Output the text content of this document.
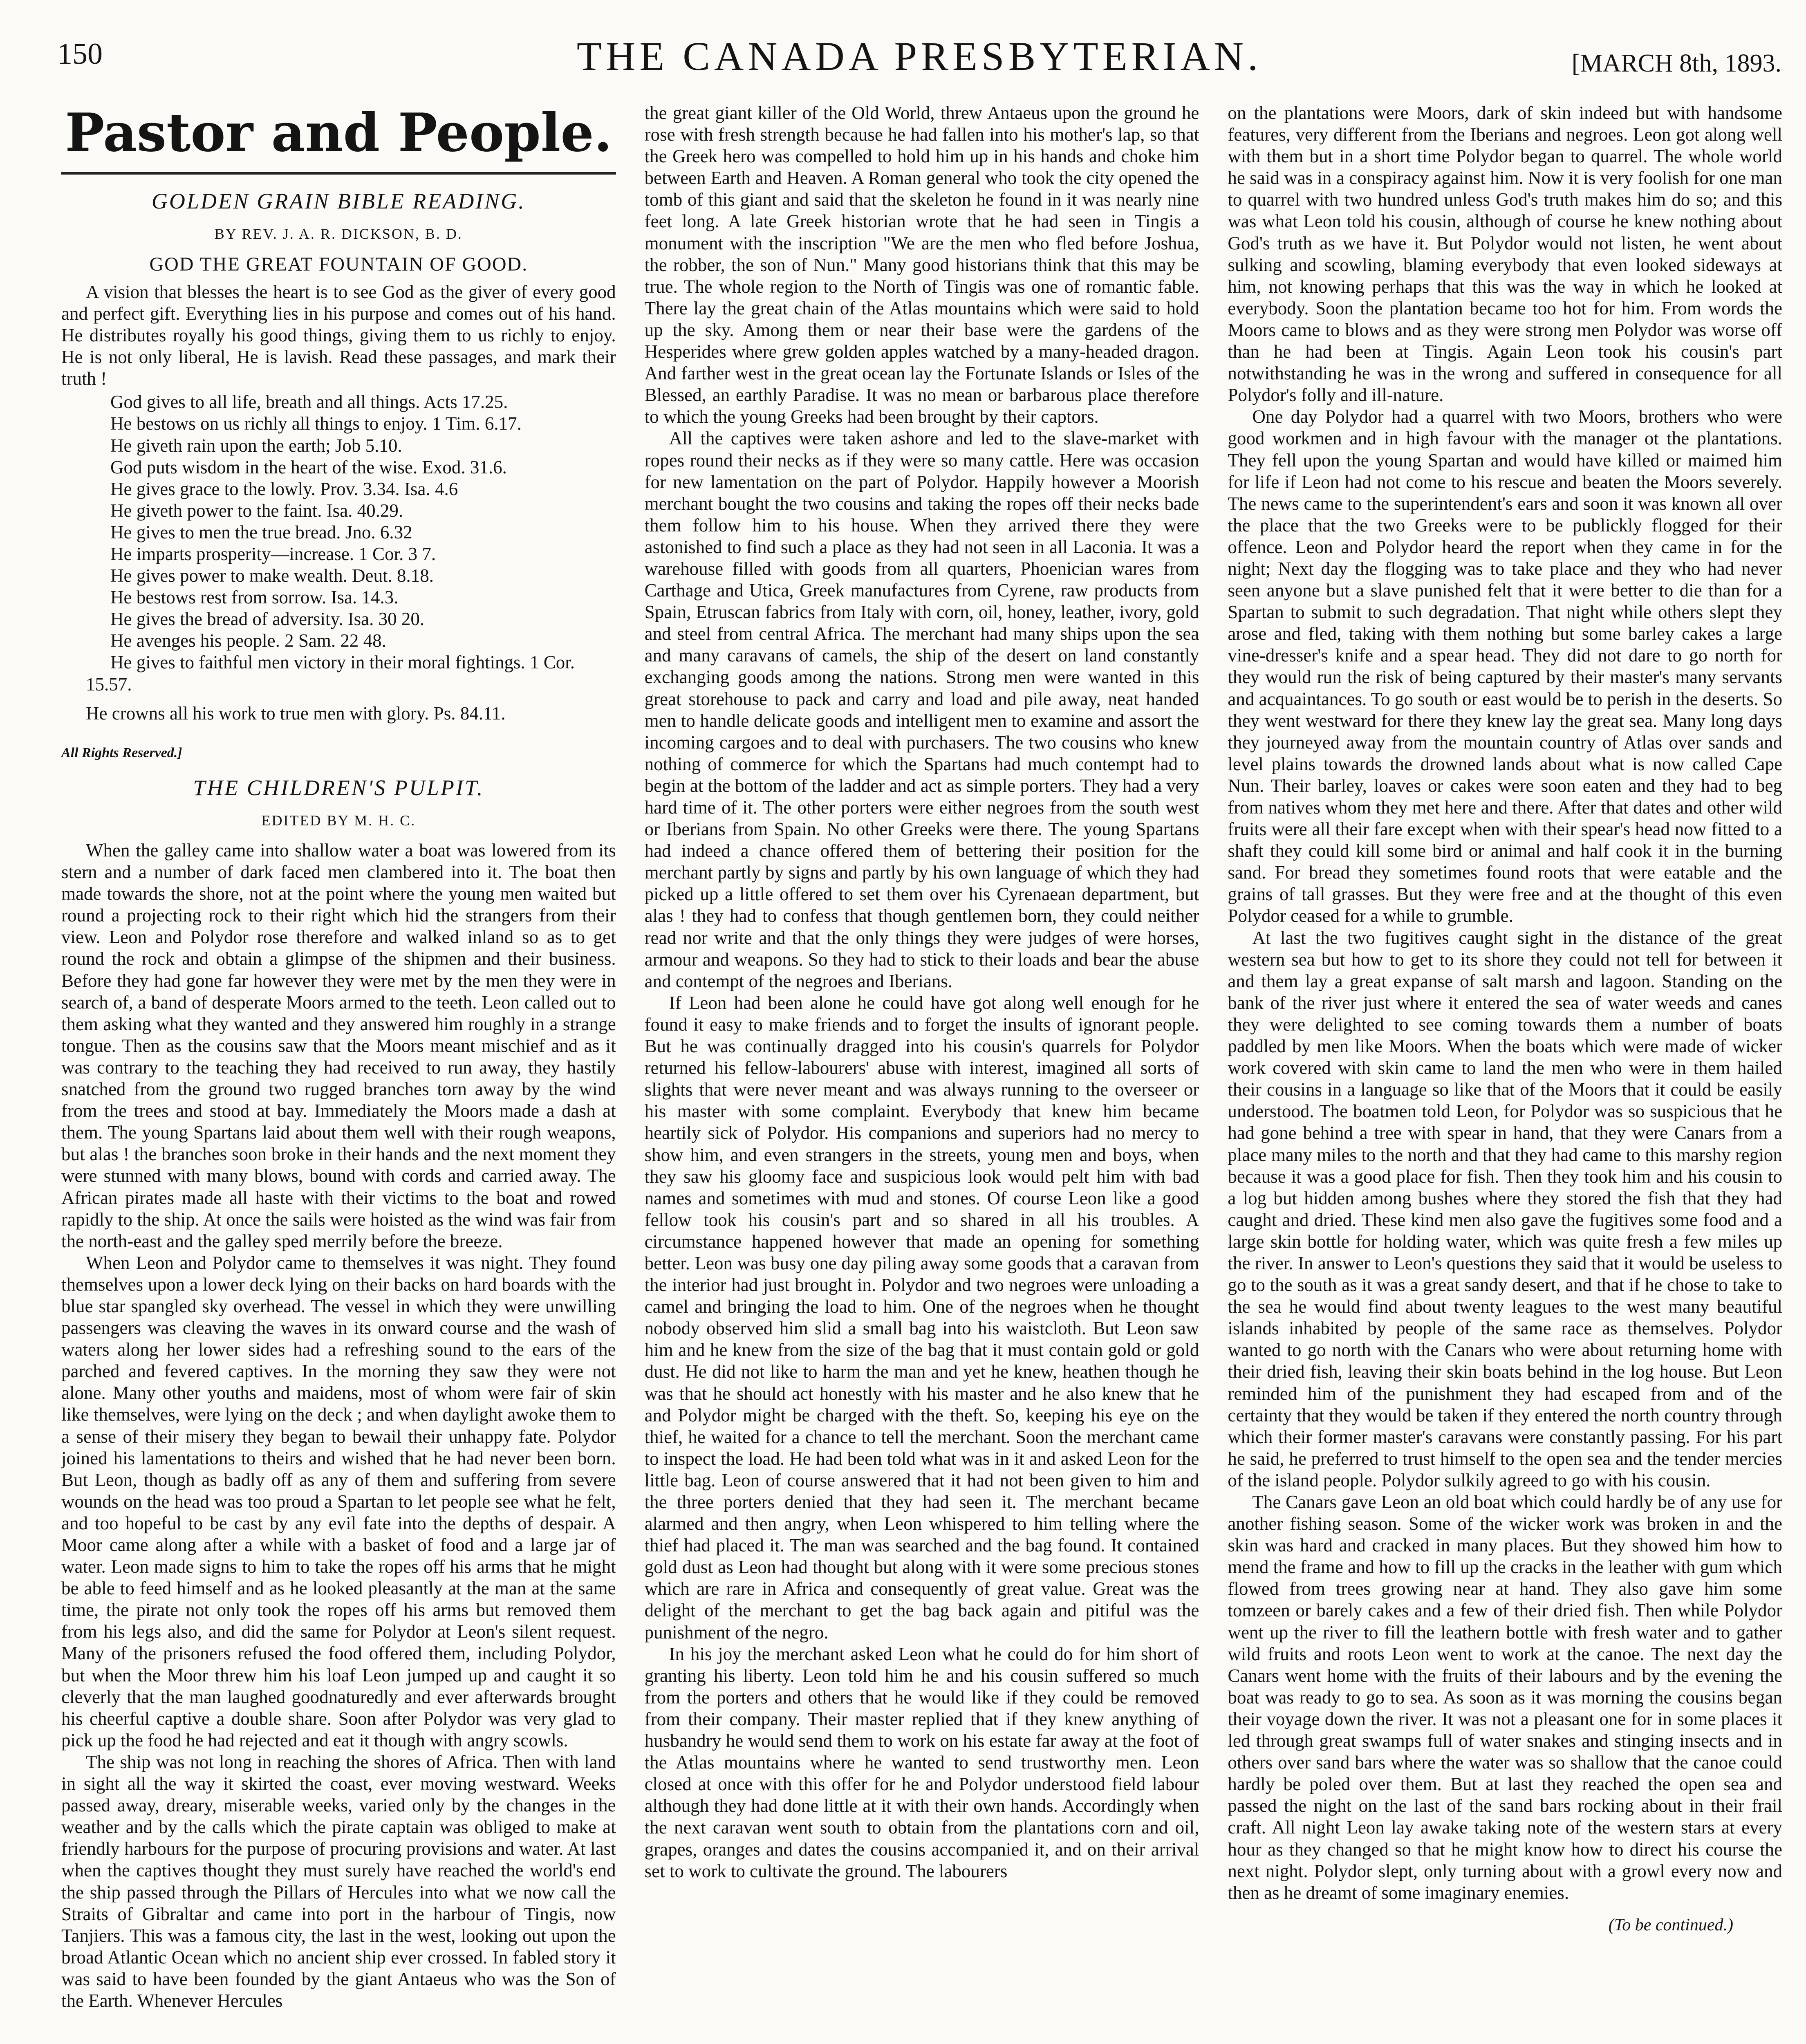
150	THE CANADA PRESBYTERIAN.	[MARCH 8th, 1893.
Pastor and People.
GOLDEN GRAIN BIBLE READING.
BY REV. J. A. R. DICKSON, B. D.
GOD THE GREAT FOUNTAIN OF GOOD.

A vision that blesses the heart is to see God as the giver of every good and perfect gift. Everything lies in his purpose and comes out of his hand. He distributes royally his good things, giving them to us richly to enjoy. He is not only liberal, He is lavish. Read these passages, and mark their truth !

God gives to all life, breath and all things. Acts 17.25.

He bestows on us richly all things to enjoy. 1 Tim. 6.17.

He giveth rain upon the earth; Job 5.10.

God puts wisdom in the heart of the wise. Exod. 31.6.

He gives grace to the lowly. Prov. 3.34. Isa. 4.6

He giveth power to the faint. Isa. 40.29.

He gives to men the true bread. Jno. 6.32

He imparts prosperity—increase. 1 Cor. 3 7.

He gives power to make wealth. Deut. 8.18.

He bestows rest from sorrow. Isa. 14.3.

He gives the bread of adversity. Isa. 30 20.

He avenges his people. 2 Sam. 22 48.

He gives to faithful men victory in their moral fightings. 1 Cor. 15.57.

He crowns all his work to true men with glory. Ps. 84.11.

All Rights Reserved.]
THE CHILDREN'S PULPIT.
EDITED BY M. H. C.

When the galley came into shallow water a boat was lowered from its stern and a number of dark faced men clambered into it. The boat then made towards the shore, not at the point where the young men waited but round a projecting rock to their right which hid the strangers from their view. Leon and Polydor rose therefore and walked inland so as to get round the rock and obtain a glimpse of the shipmen and their business. Before they had gone far however they were met by the men they were in search of, a band of desperate Moors armed to the teeth. Leon called out to them asking what they wanted and they answered him roughly in a strange tongue. Then as the cousins saw that the Moors meant mischief and as it was contrary to the teaching they had received to run away, they hastily snatched from the ground two rugged branches torn away by the wind from the trees and stood at bay. Immediately the Moors made a dash at them. The young Spartans laid about them well with their rough weapons, but alas ! the branches soon broke in their hands and the next moment they were stunned with many blows, bound with cords and carried away. The African pirates made all haste with their victims to the boat and rowed rapidly to the ship. At once the sails were hoisted as the wind was fair from the north-east and the galley sped merrily before the breeze.

When Leon and Polydor came to themselves it was night. They found themselves upon a lower deck lying on their backs on hard boards with the blue star spangled sky overhead. The vessel in which they were unwilling passengers was cleaving the waves in its onward course and the wash of waters along her lower sides had a refreshing sound to the ears of the parched and fevered captives. In the morning they saw they were not alone. Many other youths and maidens, most of whom were fair of skin like themselves, were lying on the deck ; and when daylight awoke them to a sense of their misery they began to bewail their unhappy fate. Polydor joined his lamentations to theirs and wished that he had never been born. But Leon, though as badly off as any of them and suffering from severe wounds on the head was too proud a Spartan to let people see what he felt, and too hopeful to be cast by any evil fate into the depths of despair. A Moor came along after a while with a basket of food and a large jar of water. Leon made signs to him to take the ropes off his arms that he might be able to feed himself and as he looked pleasantly at the man at the same time, the pirate not only took the ropes off his arms but removed them from his legs also, and did the same for Polydor at Leon's silent request. Many of the prisoners refused the food offered them, including Polydor, but when the Moor threw him his loaf Leon jumped up and caught it so cleverly that the man laughed goodnaturedly and ever afterwards brought his cheerful captive a double share. Soon after Polydor was very glad to pick up the food he had rejected and eat it though with angry scowls.

The ship was not long in reaching the shores of Africa. Then with land in sight all the way it skirted the coast, ever moving westward. Weeks passed away, dreary, miserable weeks, varied only by the changes in the weather and by the calls which the pirate captain was obliged to make at friendly harbours for the purpose of procuring provisions and water. At last when the captives thought they must surely have reached the world's end the ship passed through the Pillars of Hercules into what we now call the Straits of Gibraltar and came into port in the harbour of Tingis, now Tanjiers. This was a famous city, the last in the west, looking out upon the broad Atlantic Ocean which no ancient ship ever crossed. In fabled story it was said to have been founded by the giant Antaeus who was the Son of the Earth. Whenever Hercules

the great giant killer of the Old World, threw Antaeus upon the ground he rose with fresh strength because he had fallen into his mother's lap, so that the Greek hero was compelled to hold him up in his hands and choke him between Earth and Heaven. A Roman general who took the city opened the tomb of this giant and said that the skeleton he found in it was nearly nine feet long. A late Greek historian wrote that he had seen in Tingis a monument with the inscription "We are the men who fled before Joshua, the robber, the son of Nun." Many good historians think that this may be true. The whole region to the North of Tingis was one of romantic fable. There lay the great chain of the Atlas mountains which were said to hold up the sky. Among them or near their base were the gardens of the Hesperides where grew golden apples watched by a many-headed dragon. And farther west in the great ocean lay the Fortunate Islands or Isles of the Blessed, an earthly Paradise. It was no mean or barbarous place therefore to which the young Greeks had been brought by their captors.

All the captives were taken ashore and led to the slave-market with ropes round their necks as if they were so many cattle. Here was occasion for new lamentation on the part of Polydor. Happily however a Moorish merchant bought the two cousins and taking the ropes off their necks bade them follow him to his house. When they arrived there they were astonished to find such a place as they had not seen in all Laconia. It was a warehouse filled with goods from all quarters, Phoenician wares from Carthage and Utica, Greek manufactures from Cyrene, raw products from Spain, Etruscan fabrics from Italy with corn, oil, honey, leather, ivory, gold and steel from central Africa. The merchant had many ships upon the sea and many caravans of camels, the ship of the desert on land constantly exchanging goods among the nations. Strong men were wanted in this great storehouse to pack and carry and load and pile away, neat handed men to handle delicate goods and intelligent men to examine and assort the incoming cargoes and to deal with purchasers. The two cousins who knew nothing of commerce for which the Spartans had much contempt had to begin at the bottom of the ladder and act as simple porters. They had a very hard time of it. The other porters were either negroes from the south west or Iberians from Spain. No other Greeks were there. The young Spartans had indeed a chance offered them of bettering their position for the merchant partly by signs and partly by his own language of which they had picked up a little offered to set them over his Cyrenaean department, but alas ! they had to confess that though gentlemen born, they could neither read nor write and that the only things they were judges of were horses, armour and weapons. So they had to stick to their loads and bear the abuse and contempt of the negroes and Iberians.

If Leon had been alone he could have got along well enough for he found it easy to make friends and to forget the insults of ignorant people. But he was continually dragged into his cousin's quarrels for Polydor returned his fellow-labourers' abuse with interest, imagined all sorts of slights that were never meant and was always running to the overseer or his master with some complaint. Everybody that knew him became heartily sick of Polydor. His companions and superiors had no mercy to show him, and even strangers in the streets, young men and boys, when they saw his gloomy face and suspicious look would pelt him with bad names and sometimes with mud and stones. Of course Leon like a good fellow took his cousin's part and so shared in all his troubles. A circumstance happened however that made an opening for something better. Leon was busy one day piling away some goods that a caravan from the interior had just brought in. Polydor and two negroes were unloading a camel and bringing the load to him. One of the negroes when he thought nobody observed him slid a small bag into his waistcloth. But Leon saw him and he knew from the size of the bag that it must contain gold or gold dust. He did not like to harm the man and yet he knew, heathen though he was that he should act honestly with his master and he also knew that he and Polydor might be charged with the theft. So, keeping his eye on the thief, he waited for a chance to tell the merchant. Soon the merchant came to inspect the load. He had been told what was in it and asked Leon for the little bag. Leon of course answered that it had not been given to him and the three porters denied that they had seen it. The merchant became alarmed and then angry, when Leon whispered to him telling where the thief had placed it. The man was searched and the bag found. It contained gold dust as Leon had thought but along with it were some precious stones which are rare in Africa and consequently of great value. Great was the delight of the merchant to get the bag back again and pitiful was the punishment of the negro.

In his joy the merchant asked Leon what he could do for him short of granting his liberty. Leon told him he and his cousin suffered so much from the porters and others that he would like if they could be removed from their company. Their master replied that if they knew anything of husbandry he would send them to work on his estate far away at the foot of the Atlas mountains where he wanted to send trustworthy men. Leon closed at once with this offer for he and Polydor understood field labour although they had done little at it with their own hands. Accordingly when the next caravan went south to obtain from the plantations corn and oil, grapes, oranges and dates the cousins accompanied it, and on their arrival set to work to cultivate the ground. The labourers

on the plantations were Moors, dark of skin indeed but with handsome features, very different from the Iberians and negroes. Leon got along well with them but in a short time Polydor began to quarrel. The whole world he said was in a conspiracy against him. Now it is very foolish for one man to quarrel with two hundred unless God's truth makes him do so; and this was what Leon told his cousin, although of course he knew nothing about God's truth as we have it. But Polydor would not listen, he went about sulking and scowling, blaming everybody that even looked sideways at him, not knowing perhaps that this was the way in which he looked at everybody. Soon the plantation became too hot for him. From words the Moors came to blows and as they were strong men Polydor was worse off than he had been at Tingis. Again Leon took his cousin's part notwithstanding he was in the wrong and suffered in consequence for all Polydor's folly and ill-nature.

One day Polydor had a quarrel with two Moors, brothers who were good workmen and in high favour with the manager ot the plantations. They fell upon the young Spartan and would have killed or maimed him for life if Leon had not come to his rescue and beaten the Moors severely. The news came to the superintendent's ears and soon it was known all over the place that the two Greeks were to be publickly flogged for their offence. Leon and Polydor heard the report when they came in for the night; Next day the flogging was to take place and they who had never seen anyone but a slave punished felt that it were better to die than for a Spartan to submit to such degradation. That night while others slept they arose and fled, taking with them nothing but some barley cakes a large vine-dresser's knife and a spear head. They did not dare to go north for they would run the risk of being captured by their master's many servants and acquaintances. To go south or east would be to perish in the deserts. So they went westward for there they knew lay the great sea. Many long days they journeyed away from the mountain country of Atlas over sands and level plains towards the drowned lands about what is now called Cape Nun. Their barley, loaves or cakes were soon eaten and they had to beg from natives whom they met here and there. After that dates and other wild fruits were all their fare except when with their spear's head now fitted to a shaft they could kill some bird or animal and half cook it in the burning sand. For bread they sometimes found roots that were eatable and the grains of tall grasses. But they were free and at the thought of this even Polydor ceased for a while to grumble.

At last the two fugitives caught sight in the distance of the great western sea but how to get to its shore they could not tell for between it and them lay a great expanse of salt marsh and lagoon. Standing on the bank of the river just where it entered the sea of water weeds and canes they were delighted to see coming towards them a number of boats paddled by men like Moors. When the boats which were made of wicker work covered with skin came to land the men who were in them hailed their cousins in a language so like that of the Moors that it could be easily understood. The boatmen told Leon, for Polydor was so suspicious that he had gone behind a tree with spear in hand, that they were Canars from a place many miles to the north and that they had came to this marshy region because it was a good place for fish. Then they took him and his cousin to a log but hidden among bushes where they stored the fish that they had caught and dried. These kind men also gave the fugitives some food and a large skin bottle for holding water, which was quite fresh a few miles up the river. In answer to Leon's questions they said that it would be useless to go to the south as it was a great sandy desert, and that if he chose to take to the sea he would find about twenty leagues to the west many beautiful islands inhabited by people of the same race as themselves. Polydor wanted to go north with the Canars who were about returning home with their dried fish, leaving their skin boats behind in the log house. But Leon reminded him of the punishment they had escaped from and of the certainty that they would be taken if they entered the north country through which their former master's caravans were constantly passing. For his part he said, he preferred to trust himself to the open sea and the tender mercies of the island people. Polydor sulkily agreed to go with his cousin.

The Canars gave Leon an old boat which could hardly be of any use for another fishing season. Some of the wicker work was broken in and the skin was hard and cracked in many places. But they showed him how to mend the frame and how to fill up the cracks in the leather with gum which flowed from trees growing near at hand. They also gave him some tomzeen or barely cakes and a few of their dried fish. Then while Polydor went up the river to fill the leathern bottle with fresh water and to gather wild fruits and roots Leon went to work at the canoe. The next day the Canars went home with the fruits of their labours and by the evening the boat was ready to go to sea. As soon as it was morning the cousins began their voyage down the river. It was not a pleasant one for in some places it led through great swamps full of water snakes and stinging insects and in others over sand bars where the water was so shallow that the canoe could hardly be poled over them. But at last they reached the open sea and passed the night on the last of the sand bars rocking about in their frail craft. All night Leon lay awake taking note of the western stars at every hour as they changed so that he might know how to direct his course the next night. Polydor slept, only turning about with a growl every now and then as he dreamt of some imaginary enemies.

(To be continued.)
